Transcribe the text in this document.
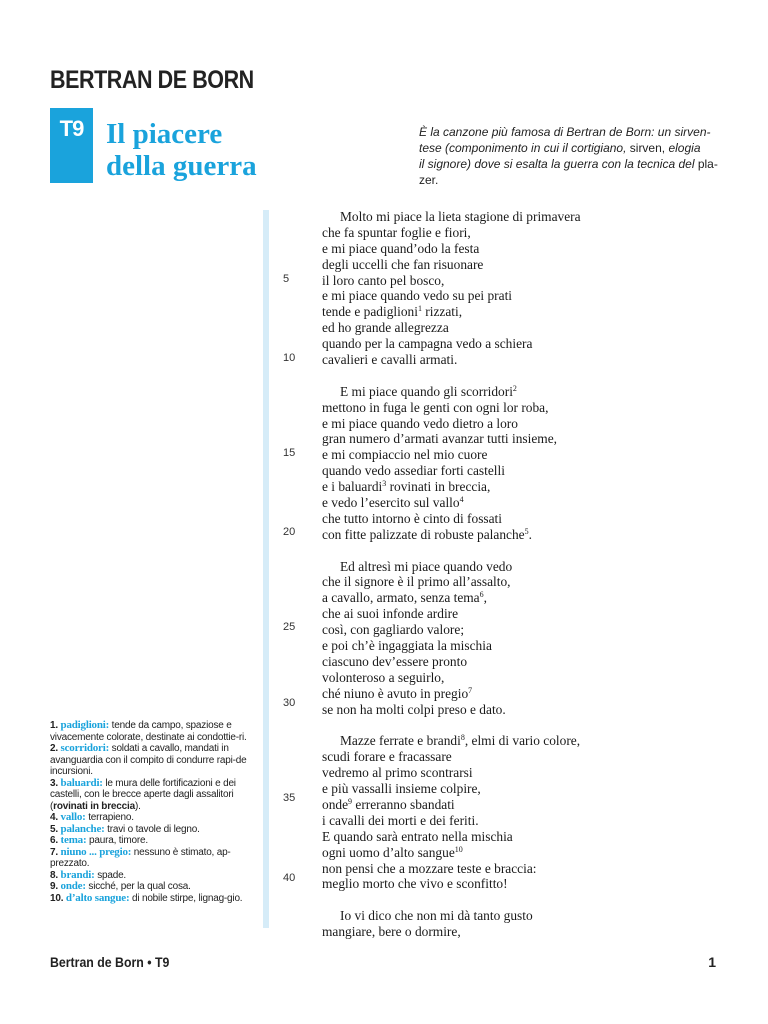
BERTRAN DE BORN
T9 Il piacere
della guerra
È la canzone più famosa di Bertran de Born: un sirven-
tese (componimento in cui il cortigiano, sirven, elogia
il signore) dove si esalta la guerra con la tecnica del pla-
zer.
Molto mi piace la lieta stagione di primavera
che fa spuntar foglie e fiori,
e mi piace quand’odo la festa
degli uccelli che fan risuonare
il loro canto pel bosco,
e mi piace quando vedo su pei prati
tende e padiglioni$^1$ rizzati,
ed ho grande allegrezza
quando per la campagna vedo a schiera
cavalieri e cavalli armati.
E mi piace quando gli scorridori$^2$
mettono in fuga le genti con ogni lor roba,
e mi piace quando vedo dietro a loro
gran numero d’armati avanzar tutti insieme,
e mi compiaccio nel mio cuore
quando vedo assediar forti castelli
e i baluardi$^3$ rovinati in breccia,
e vedo l’esercito sul vallo$^4$
che tutto intorno è cinto di fossati
con fitte palizzate di robuste palanche$^5$.
Ed altresì mi piace quando vedo
che il signore è il primo all’assalto,
a cavallo, armato, senza tema$^6$,
che ai suoi infonde ardire
così, con gagliardo valore;
e poi ch’è ingaggiata la mischia
ciascuno dev’essere pronto
volonteroso a seguirlo,
ché niuno è avuto in pregio$^7$
se non ha molti colpi preso e dato.
Mazze ferrate e brandi$^8$, elmi di vario colore,
scudi forare e fracassare
vedremo al primo scontrarsi
e più vassalli insieme colpire,
onde$^9$ erreranno sbandati
i cavalli dei morti e dei feriti.
E quando sarà entrato nella mischia
ogni uomo d’alto sangue$^{10}$
non pensi che a mozzare teste e braccia:
meglio morto che vivo e sconfitto!
Io vi dico che non mi dà tanto gusto
mangiare, bere o dormire,
5
10
15
20
25
30
35
40

1. padiglioni: tende da campo, spaziose e vivacemente colorate, destinate ai condottie-ri.

2. scorridori: soldati a cavallo, mandati in avanguardia con il compito di condurre rapi-de incursioni.

3. baluardi: le mura delle fortificazioni e dei castelli, con le brecce aperte dagli assalitori (rovinati in breccia).

4. vallo: terrapieno.

5. palanche: travi o tavole di legno.

6. tema: paura, timore.

7. niuno ... pregio: nessuno è stimato, ap-prezzato.

8. brandi: spade.

9. onde: sicché, per la qual cosa.

10. d’alto sangue: di nobile stirpe, lignag-gio.

Bertran de Born • T9	1
